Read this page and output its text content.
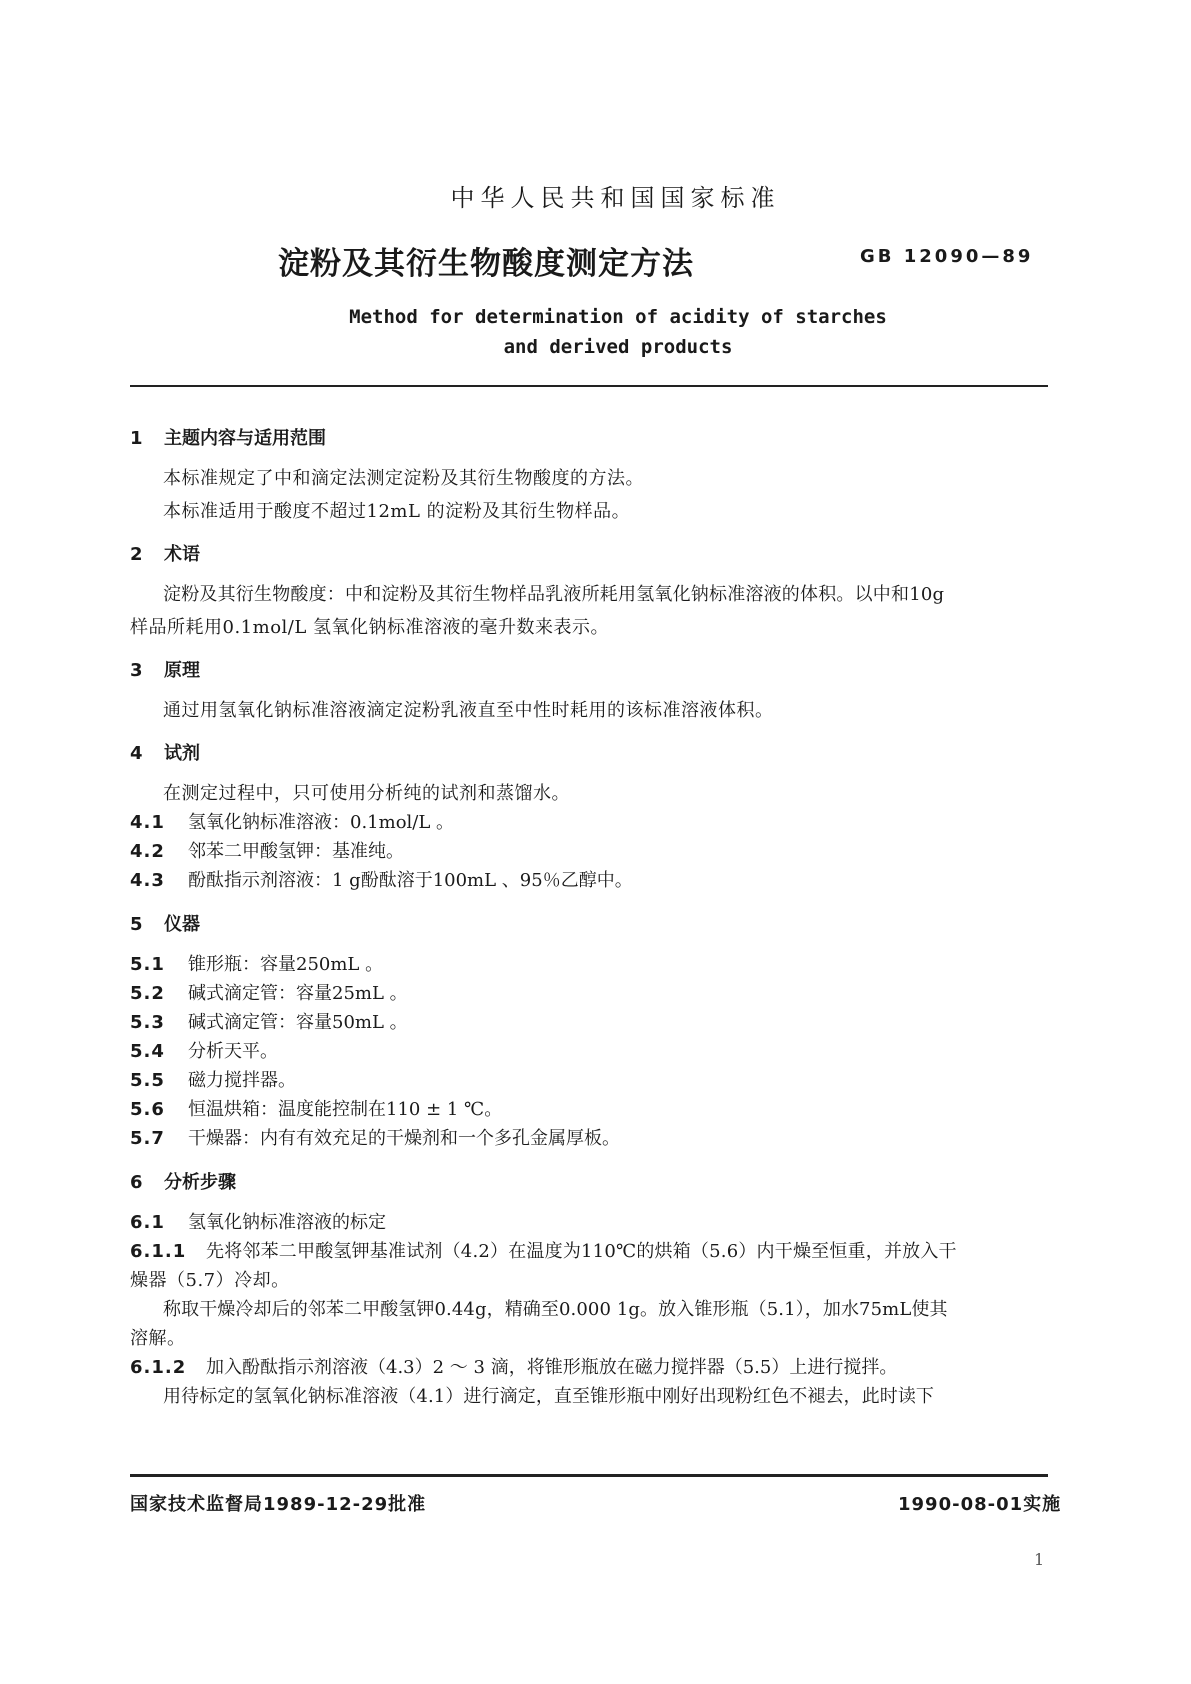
中华人民共和国国家标准
淀粉及其衍生物酸度测定方法	GB 12090—89
Method for determination of acidity of starches
and derived products
1 主题内容与适用范围
本标准规定了中和滴定法测定淀粉及其衍生物酸度的方法。
本标准适用于酸度不超过12mL 的淀粉及其衍生物样品。
2 术语
淀粉及其衍生物酸度：中和淀粉及其衍生物样品乳液所耗用氢氧化钠标准溶液的体积。以中和10g
样品所耗用0.1mol/L 氢氧化钠标准溶液的毫升数来表示。
3 原理
通过用氢氧化钠标准溶液滴定淀粉乳液直至中性时耗用的该标准溶液体积。
4 试剂
在测定过程中，只可使用分析纯的试剂和蒸馏水。
4.1 氢氧化钠标准溶液：0.1mol/L 。
4.2 邻苯二甲酸氢钾：基准纯。
4.3 酚酞指示剂溶液：1 g酚酞溶于100mL 、95％乙醇中。
5 仪器
5.1 锥形瓶：容量250mL 。
5.2 碱式滴定管：容量25mL 。
5.3 碱式滴定管：容量50mL 。
5.4 分析天平。
5.5 磁力搅拌器。
5.6 恒温烘箱：温度能控制在110 ± 1 ℃。
5.7 干燥器：内有有效充足的干燥剂和一个多孔金属厚板。
6 分析步骤
6.1 氢氧化钠标准溶液的标定
6.1.1 先将邻苯二甲酸氢钾基准试剂（4.2）在温度为110℃的烘箱（5.6）内干燥至恒重，并放入干
燥器（5.7）冷却。
称取干燥冷却后的邻苯二甲酸氢钾0.44g，精确至0.000 1g。放入锥形瓶（5.1），加水75mL使其
溶解。
6.1.2 加入酚酞指示剂溶液（4.3）2 ～ 3 滴，将锥形瓶放在磁力搅拌器（5.5）上进行搅拌。
用待标定的氢氧化钠标准溶液（4.1）进行滴定，直至锥形瓶中刚好出现粉红色不褪去，此时读下
国家技术监督局1989-12-29批准	1990-08-01实施
1
